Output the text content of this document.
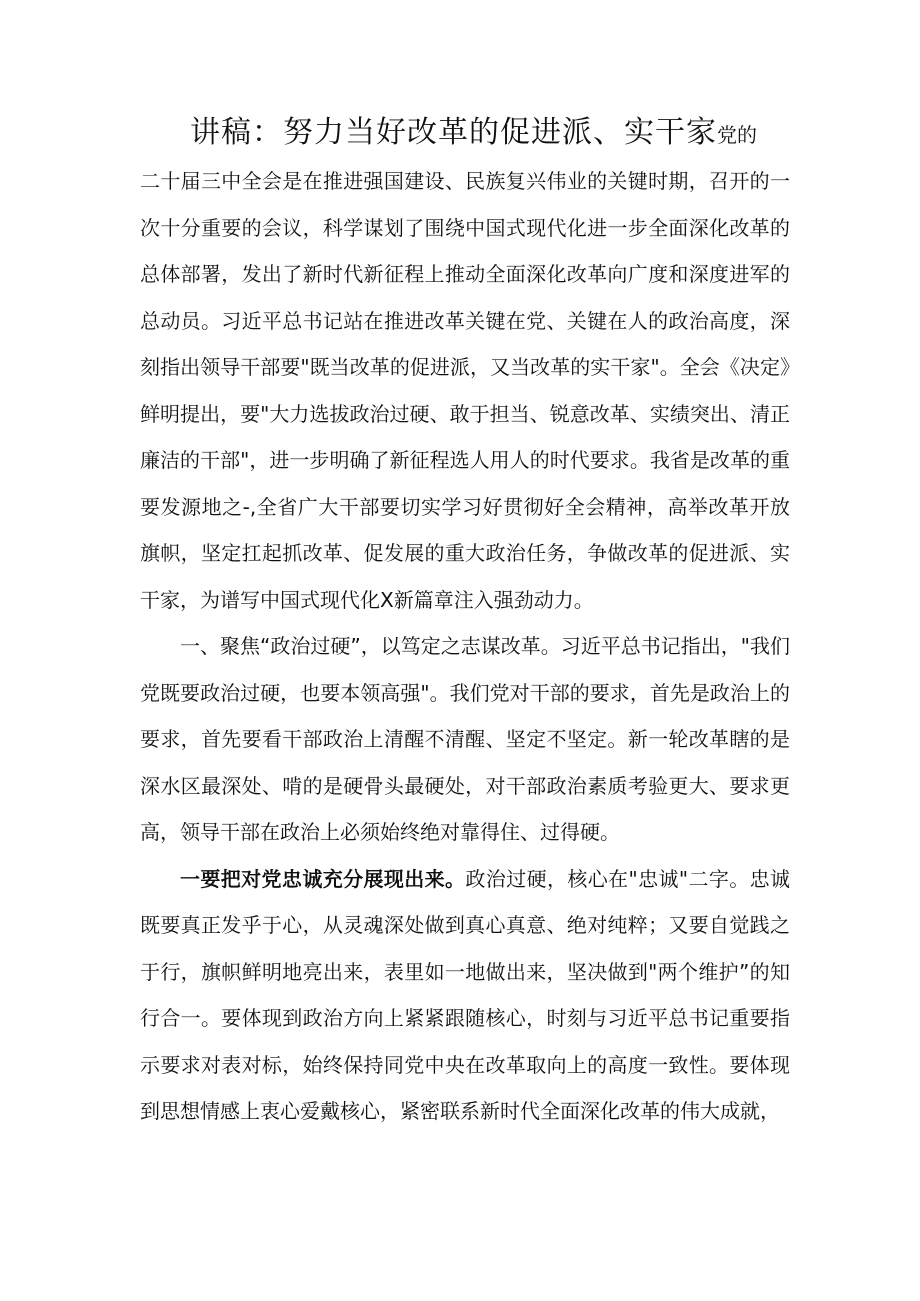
讲稿：努力当好改革的促进派、实干家党的

二十届三中全会是在推进强国建设、民族复兴伟业的关键时期，召开的一次十分重要的会议，科学谋划了围绕中国式现代化进一步全面深化改革的总体部署，发出了新时代新征程上推动全面深化改革向广度和深度进军的总动员。习近平总书记站在推进改革关键在党、关键在人的政治高度，深刻指出领导干部要"既当改革的促进派，又当改革的实干家"。全会《决定》鲜明提出，要"大力选拔政治过硬、敢于担当、锐意改革、实绩突出、清正廉洁的干部"，进一步明确了新征程选人用人的时代要求。我省是改革的重要发源地之-,全省广大干部要切实学习好贯彻好全会精神，高举改革开放旗帜，坚定扛起抓改革、促发展的重大政治任务，争做改革的促进派、实干家，为谱写中国式现代化X新篇章注入强劲动力。

一、聚焦“政治过硬”，以笃定之志谋改革。习近平总书记指出，"我们党既要政治过硬，也要本领高强"。我们党对干部的要求，首先是政治上的要求，首先要看干部政治上清醒不清醒、坚定不坚定。新一轮改革瞎的是深水区最深处、啃的是硬骨头最硬处，对干部政治素质考验更大、要求更高，领导干部在政治上必须始终绝对靠得住、过得硬。

一要把对党忠诚充分展现出来。政治过硬，核心在"忠诚"二字。忠诚既要真正发乎于心，从灵魂深处做到真心真意、绝对纯粹；又要自觉践之于行，旗帜鲜明地亮出来，表里如一地做出来，坚决做到"两个维护”的知行合一。要体现到政治方向上紧紧跟随核心，时刻与习近平总书记重要指示要求对表对标，始终保持同党中央在改革取向上的高度一致性。要体现到思想情感上衷心爱戴核心，紧密联系新时代全面深化改革的伟大成就，
